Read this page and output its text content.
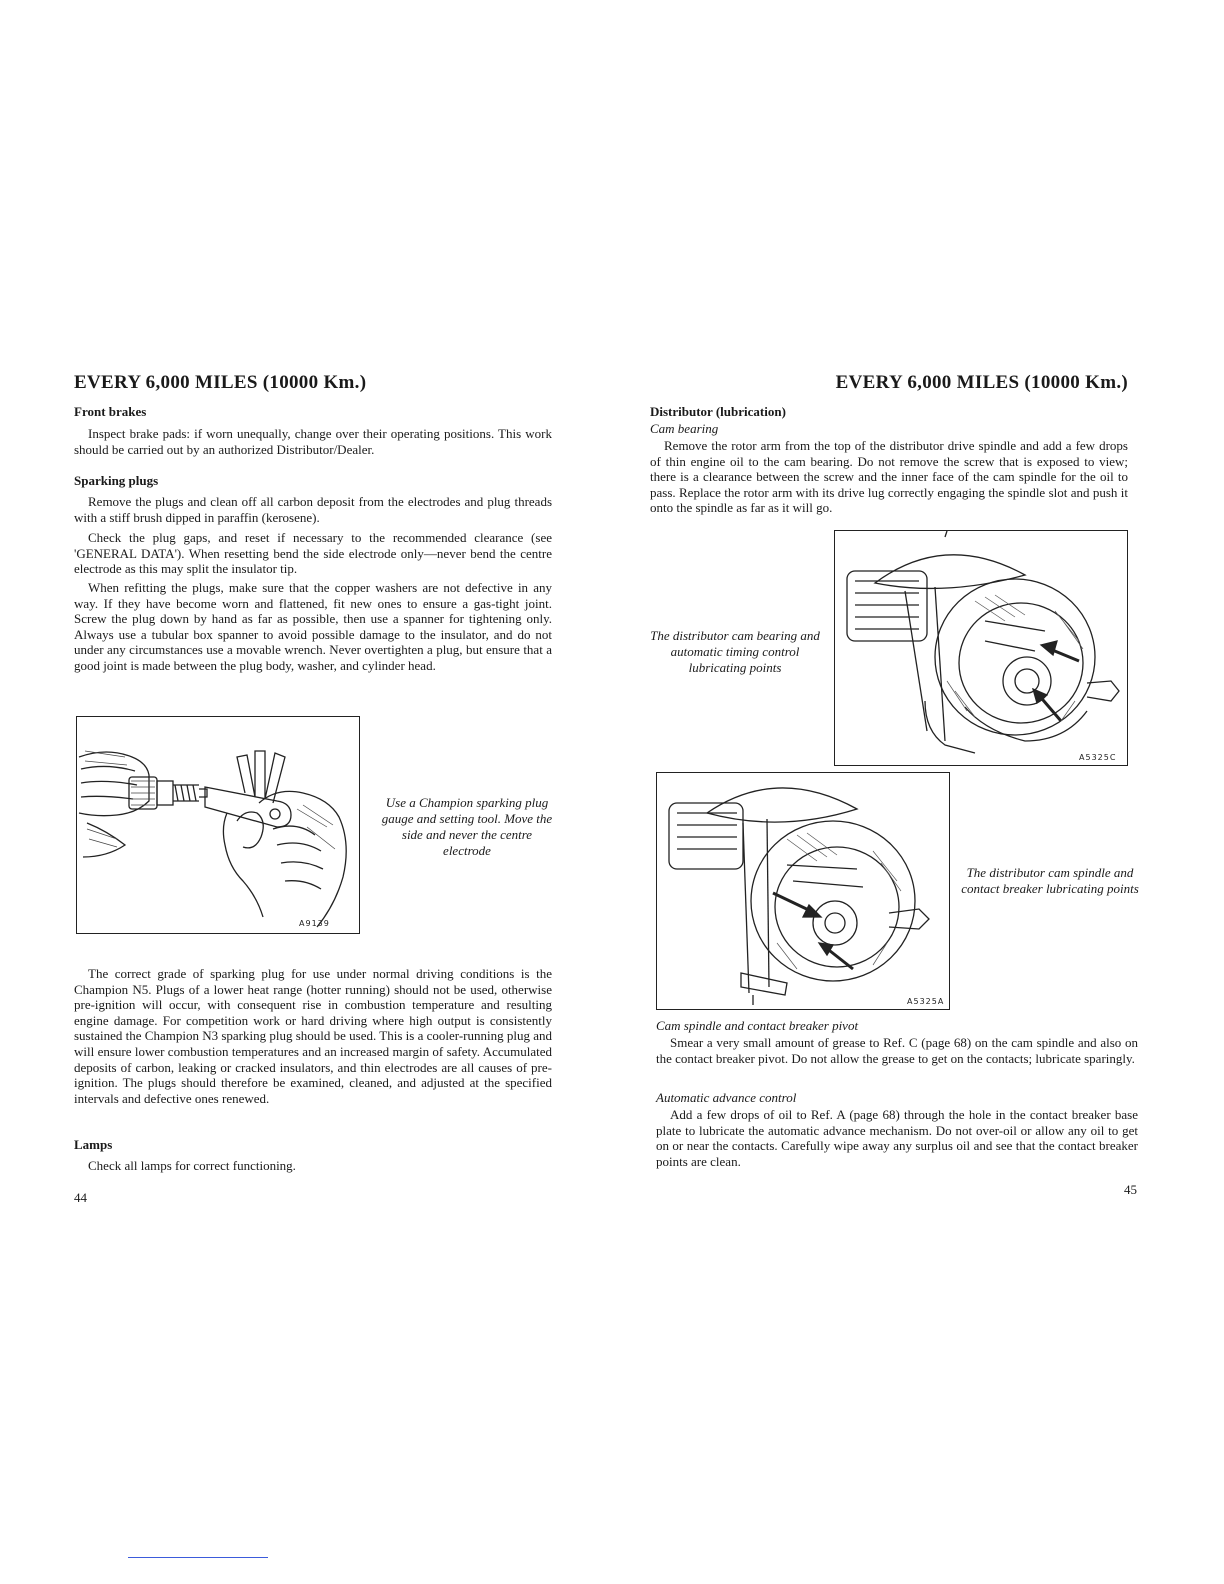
EVERY 6,000 MILES (10000 Km.)
Front brakes

Inspect brake pads: if worn unequally, change over their operating positions. This work should be carried out by an authorized Distributor/Dealer.

Sparking plugs

Remove the plugs and clean off all carbon deposit from the electrodes and plug threads with a stiff brush dipped in paraffin (kerosene).

Check the plug gaps, and reset if necessary to the recommended clearance (see 'GENERAL DATA'). When resetting bend the side electrode only—never bend the centre electrode as this may split the insulator tip.

When refitting the plugs, make sure that the copper washers are not defective in any way. If they have become worn and flattened, fit new ones to ensure a gas-tight joint. Screw the plug down by hand as far as possible, then use a spanner for tightening only. Always use a tubular box spanner to avoid possible damage to the insulator, and do not under any circumstances use a movable wrench. Never overtighten a plug, but ensure that a good joint is made between the plug body, washer, and cylinder head.

A9139
Use a Champion sparking plug gauge and setting tool. Move the side and never the centre electrode

The correct grade of sparking plug for use under normal driving conditions is the Champion N5. Plugs of a lower heat range (hotter running) should not be used, otherwise pre-ignition will occur, with consequent rise in combustion temperature and resulting engine damage. For competition work or hard driving where high output is consistently sustained the Champion N3 sparking plug should be used. This is a cooler-running plug and will ensure lower combustion temperatures and an increased margin of safety. Accumulated deposits of carbon, leaking or cracked insulators, and thin electrodes are all causes of pre-ignition. The plugs should therefore be examined, cleaned, and adjusted at the specified intervals and defective ones renewed.

Lamps

Check all lamps for correct functioning.

44
EVERY 6,000 MILES (10000 Km.)
Distributor (lubrication)
Cam bearing

Remove the rotor arm from the top of the distributor drive spindle and add a few drops of thin engine oil to the cam bearing. Do not remove the screw that is exposed to view; there is a clearance between the screw and the inner face of the cam spindle for the oil to pass. Replace the rotor arm with its drive lug correctly engaging the spindle slot and push it onto the spindle as far as it will go.

The distributor cam bearing and automatic timing control lubricating points
A5325C
A5325A
The distributor cam spindle and contact breaker lubricating points
Cam spindle and contact breaker pivot

Smear a very small amount of grease to Ref. C (page 68) on the cam spindle and also on the contact breaker pivot. Do not allow the grease to get on the contacts; lubricate sparingly.

Automatic advance control

Add a few drops of oil to Ref. A (page 68) through the hole in the contact breaker base plate to lubricate the automatic advance mechanism. Do not over-oil or allow any oil to get on or near the contacts. Carefully wipe away any surplus oil and see that the contact breaker points are clean.

45
